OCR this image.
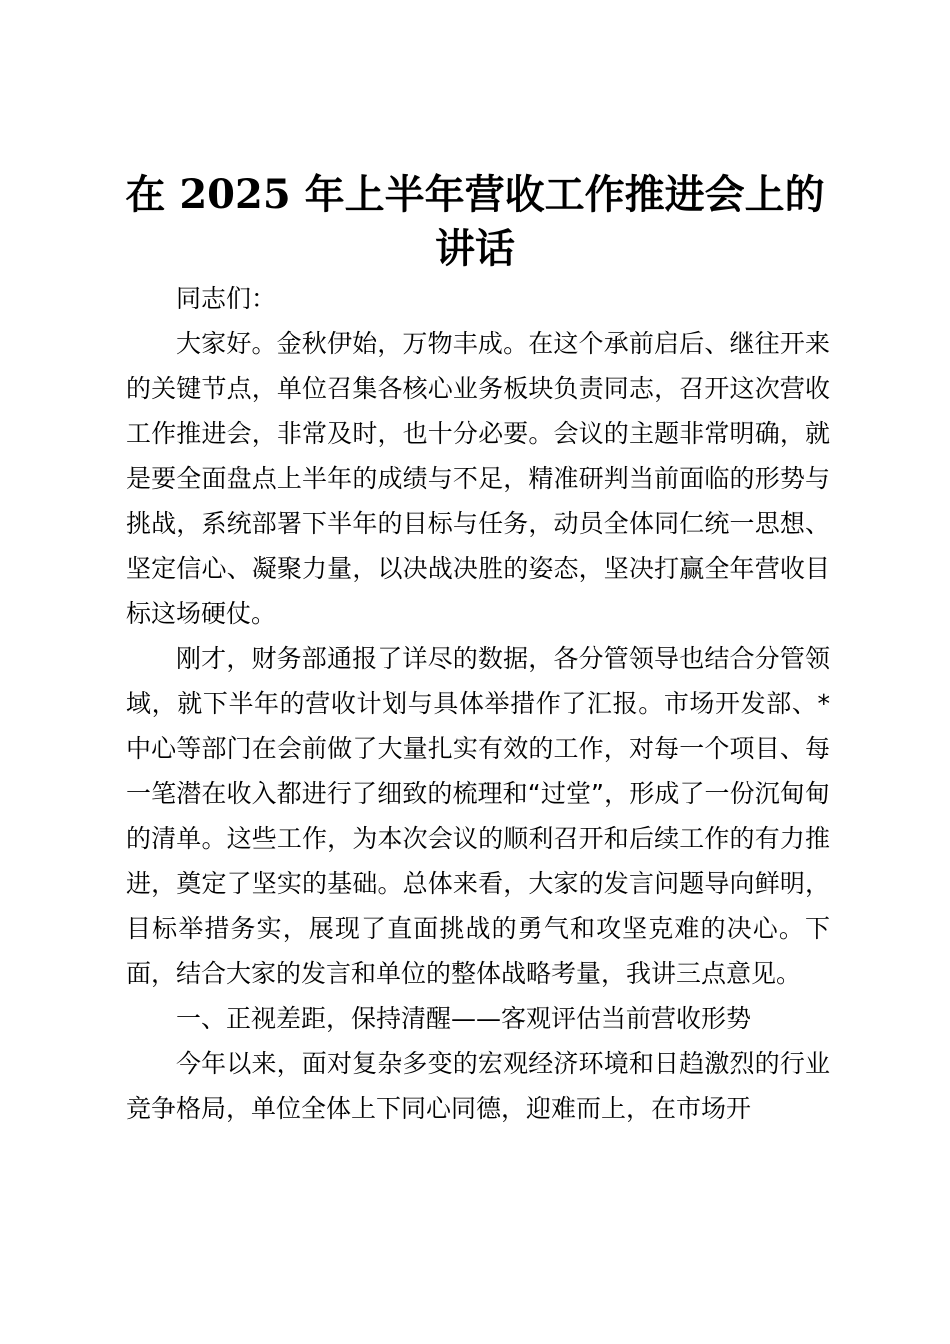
在 2025 年上半年营收工作推进会上的讲话

同志们：

大家好。金秋伊始，万物丰成。在这个承前启后、继往开来的关键节点，单位召集各核心业务板块负责同志，召开这次营收工作推进会，非常及时，也十分必要。会议的主题非常明确，就是要全面盘点上半年的成绩与不足，精准研判当前面临的形势与挑战，系统部署下半年的目标与任务，动员全体同仁统一思想、坚定信心、凝聚力量，以决战决胜的姿态，坚决打赢全年营收目标这场硬仗。

刚才，财务部通报了详尽的数据，各分管领导也结合分管领域，就下半年的营收计划与具体举措作了汇报。市场开发部、*中心等部门在会前做了大量扎实有效的工作，对每一个项目、每一笔潜在收入都进行了细致的梳理和“过堂”，形成了一份沉甸甸的清单。这些工作，为本次会议的顺利召开和后续工作的有力推进，奠定了坚实的基础。总体来看，大家的发言问题导向鲜明，目标举措务实，展现了直面挑战的勇气和攻坚克难的决心。下面，结合大家的发言和单位的整体战略考量，我讲三点意见。

一、正视差距，保持清醒——客观评估当前营收形势

今年以来，面对复杂多变的宏观经济环境和日趋激烈的行业竞争格局，单位全体上下同心同德，迎难而上，在市场开
